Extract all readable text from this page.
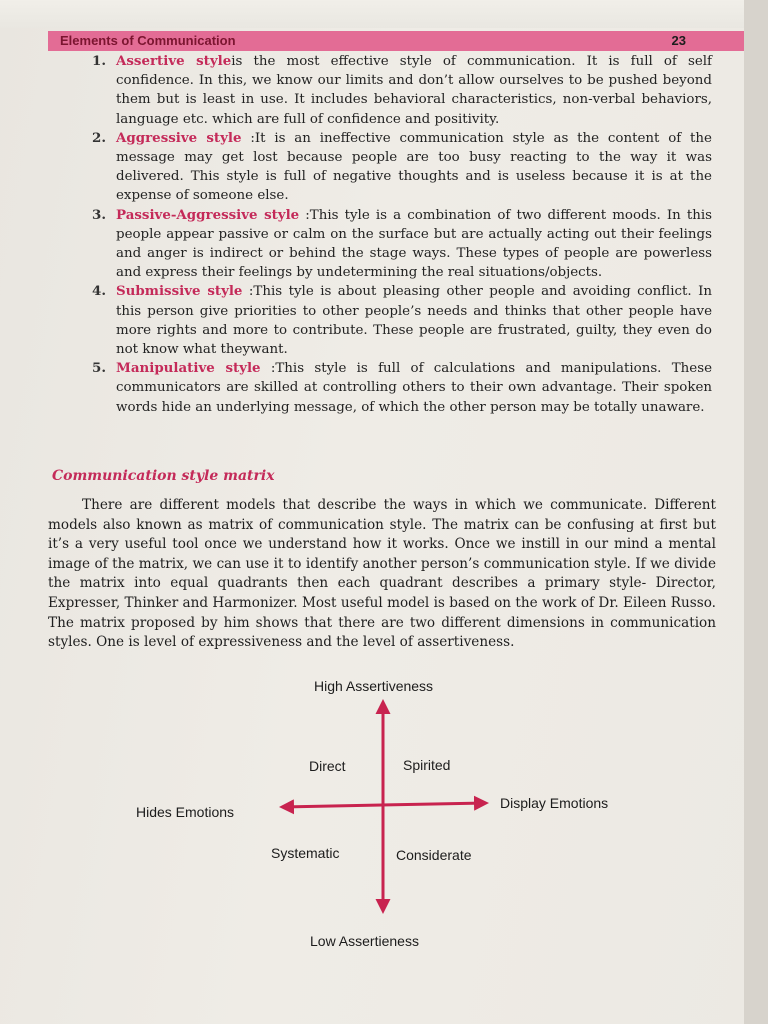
Elements of Communication	23
1. Assertive styleis the most effective style of communication. It is full of self confidence. In this, we know our limits and don’t allow ourselves to be pushed beyond them but is least in use. It includes behavioral characteristics, non-verbal behaviors, language etc. which are full of confidence and positivity.
2. Aggressive style :It is an ineffective communication style as the content of the message may get lost because people are too busy reacting to the way it was delivered. This style is full of negative thoughts and is useless because it is at the expense of someone else.
3. Passive-Aggressive style :This tyle is a combination of two different moods. In this people appear passive or calm on the surface but are actually acting out their feelings and anger is indirect or behind the stage ways. These types of people are powerless and express their feelings by undetermining the real situations/objects.
4. Submissive style :This tyle is about pleasing other people and avoiding conflict. In this person give priorities to other people’s needs and thinks that other people have more rights and more to contribute. These people are frustrated, guilty, they even do not know what theywant.
5. Manipulative style :This style is full of calculations and manipulations. These communicators are skilled at controlling others to their own advantage. Their spoken words hide an underlying message, of which the other person may be totally unaware.
Communication style matrix
There are different models that describe the ways in which we communicate. Different models also known as matrix of communication style. The matrix can be confusing at first but it’s a very useful tool once we understand how it works. Once we instill in our mind a mental image of the matrix, we can use it to identify another person’s communication style. If we divide the matrix into equal quadrants then each quadrant describes a primary style- Director, Expresser, Thinker and Harmonizer. Most useful model is based on the work of Dr. Eileen Russo. The matrix proposed by him shows that there are two different dimensions in communication styles. One is level of expressiveness and the level of assertiveness.
High Assertiveness
Low Assertieness
Hides Emotions
Display Emotions
Direct	Spirited
Systematic	Considerate
